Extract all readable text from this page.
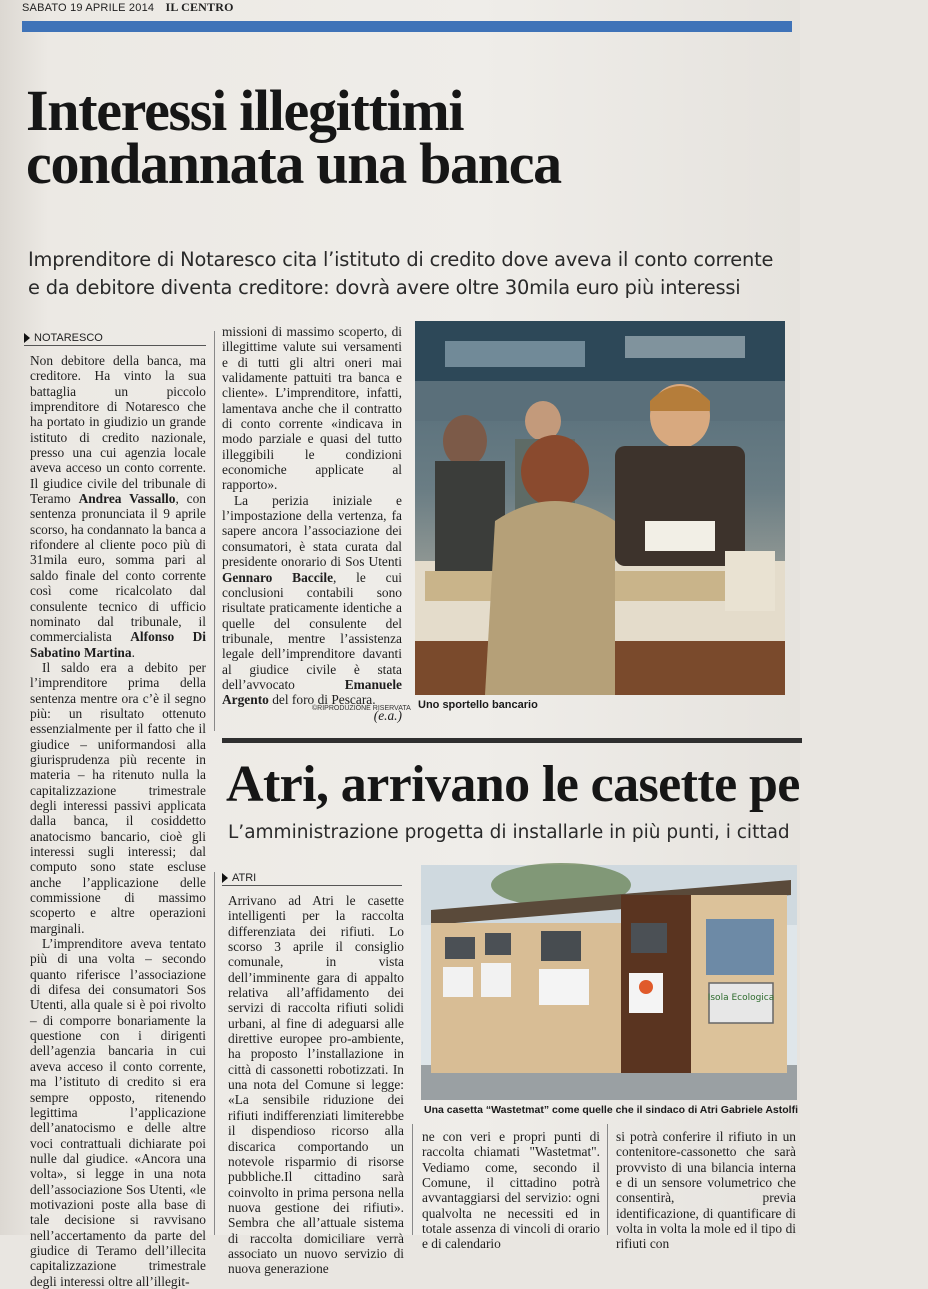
SABATO 19 APRILE 2014 IL CENTRO
Interessi illegittimi
condannata una banca
Imprenditore di Notaresco cita l’istituto di credito dove aveva il conto corrente
e da debitore diventa creditore: dovrà avere oltre 30mila euro più interessi
NOTARESCO

Non debitore della banca, ma creditore. Ha vinto la sua battaglia un piccolo imprenditore di Notaresco che ha portato in giudizio un grande istituto di credito nazionale, presso una cui agenzia locale aveva acceso un conto corrente. Il giudice civile del tribunale di Teramo Andrea Vassallo, con sentenza pronunciata il 9 aprile scorso, ha condannato la banca a rifondere al cliente poco più di 31mila euro, somma pari al saldo finale del conto corrente così come ricalcolato dal consulente tecnico di ufficio nominato dal tribunale, il commercialista Alfonso Di Sabatino Martina.

Il saldo era a debito per l’imprenditore prima della sentenza mentre ora c’è il segno più: un risultato ottenuto essenzialmente per il fatto che il giudice – uniformandosi alla giurisprudenza più recente in materia – ha ritenuto nulla la capitalizzazione trimestrale degli interessi passivi applicata dalla banca, il cosiddetto anatocismo bancario, cioè gli interessi sugli interessi; dal computo sono state escluse anche l’applicazione delle commissione di massimo scoperto e altre operazioni marginali.

L’imprenditore aveva tentato più di una volta – secondo quanto riferisce l’associazione di difesa dei consumatori Sos Utenti, alla quale si è poi rivolto – di comporre bonariamente la questione con i dirigenti dell’agenzia bancaria in cui aveva acceso il conto corrente, ma l’istituto di credito si era sempre opposto, ritenendo legittima l’applicazione dell’anatocismo e delle altre voci contrattuali dichiarate poi nulle dal giudice. «Ancora una volta», si legge in una nota dell’associazione Sos Utenti, «le motivazioni poste alla base di tale decisione si ravvisano nell’accertamento da parte del giudice di Teramo dell’illecita capitalizzazione trimestrale degli interessi oltre all’illegit-

missioni di massimo scoperto, di illegittime valute sui versamenti e di tutti gli altri oneri mai validamente pattuiti tra banca e cliente». L’imprenditore, infatti, lamentava anche che il contratto di conto corrente «indicava in modo parziale e quasi del tutto illeggibili le condizioni economiche applicate al rapporto».

La perizia iniziale e l’impostazione della vertenza, fa sapere ancora l’associazione dei consumatori, è stata curata dal presidente onorario di Sos Utenti Gennaro Baccile, le cui conclusioni contabili sono risultate praticamente identiche a quelle del consulente del tribunale, mentre l’assistenza legale dell’imprenditore davanti al giudice civile è stata dell’avvocato Emanuele Argento del foro di Pescara.

(e.a.)
©RIPRODUZIONE RISERVATA Uno sportello bancario
Atri, arrivano le casette pe
L’amministrazione progetta di installarle in più punti, i cittad
ATRI

Arrivano ad Atri le casette intelligenti per la raccolta differenziata dei rifiuti. Lo scorso 3 aprile il consiglio comunale, in vista dell’imminente gara di appalto relativa all’affidamento dei servizi di raccolta rifiuti solidi urbani, al fine di adeguarsi alle direttive europee pro-ambiente, ha proposto l’installazione in città di cassonetti robotizzati. In una nota del Comune si legge: «La sensibile riduzione dei rifiuti indifferenziati limiterebbe il dispendioso ricorso alla discarica comportando un notevole risparmio di risorse pubbliche.Il cittadino sarà coinvolto in prima persona nella nuova gestione dei rifiuti». Sembra che all’attuale sistema di raccolta domiciliare verrà associato un nuovo servizio di nuova generazione

Isola Ecologica
Una casetta “Wastetmat” come quelle che il sindaco di Atri Gabriele Astolfi

ne con veri e propri punti di raccolta chiamati "Wastetmat". Vediamo come, secondo il Comune, il cittadino potrà avvantaggiarsi del servizio: ogni qualvolta ne necessiti ed in totale assenza di vincoli di orario e di calendario

si potrà conferire il rifiuto in un contenitore-cassonetto che sarà provvisto di una bilancia interna e di un sensore volumetrico che consentirà, previa identificazione, di quantificare di volta in volta la mole ed il tipo di rifiuti con
